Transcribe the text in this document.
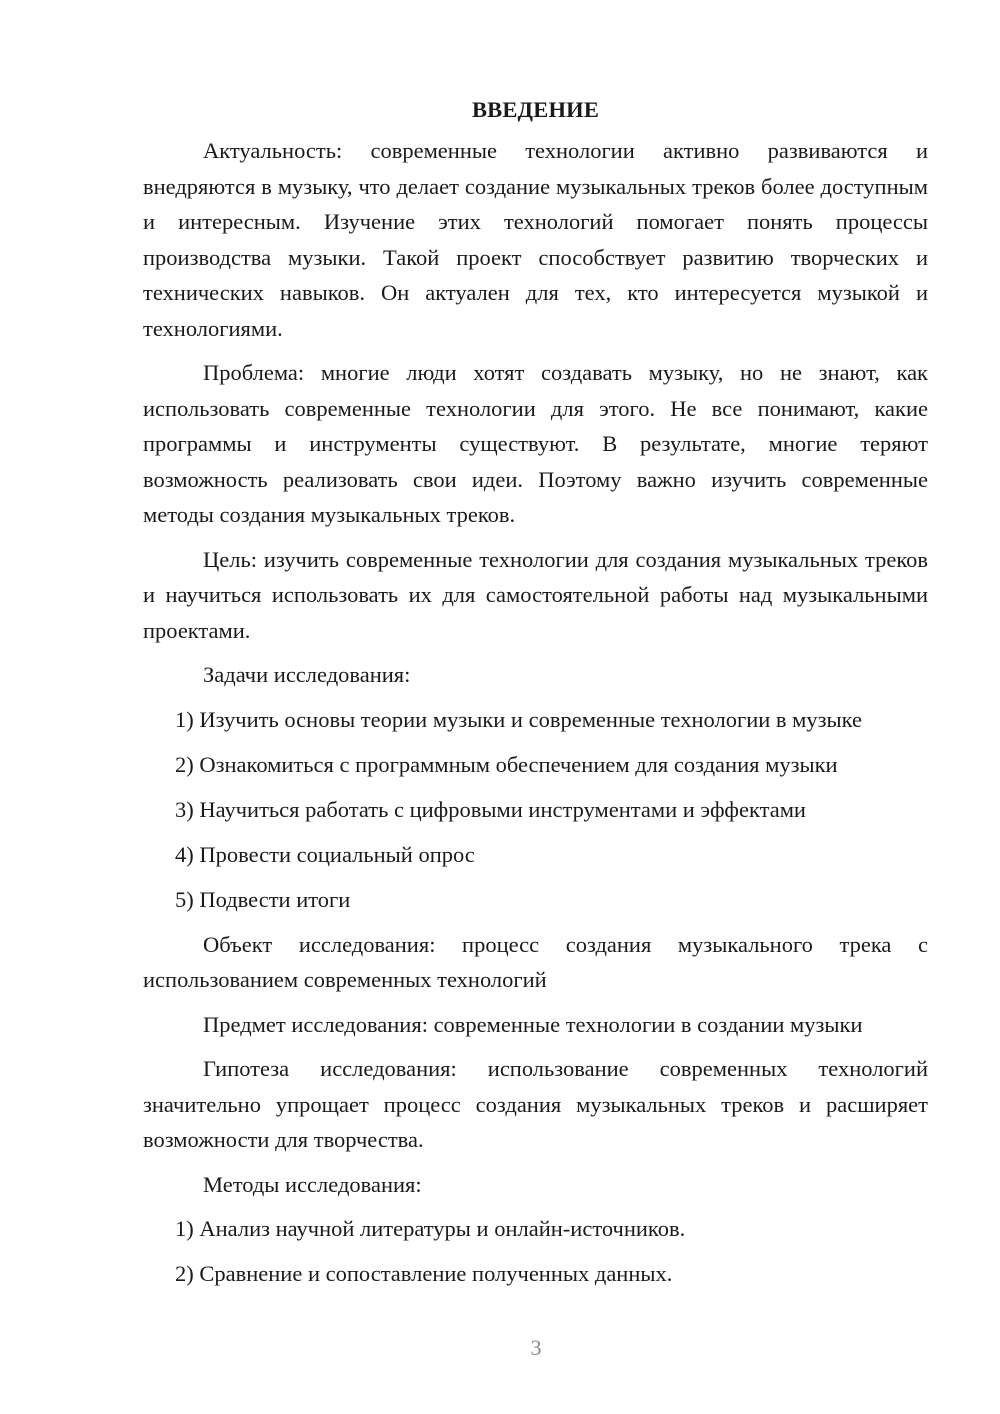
ВВЕДЕНИЕ

Актуальность: современные технологии активно развиваются и внедряются в музыку, что делает создание музыкальных треков более доступным и интересным. Изучение этих технологий помогает понять процессы производства музыки. Такой проект способствует развитию творческих и технических навыков. Он актуален для тех, кто интересуется музыкой и технологиями.

Проблема: многие люди хотят создавать музыку, но не знают, как использовать современные технологии для этого. Не все понимают, какие программы и инструменты существуют. В результате, многие теряют возможность реализовать свои идеи. Поэтому важно изучить современные методы создания музыкальных треков.

Цель: изучить современные технологии для создания музыкальных треков и научиться использовать их для самостоятельной работы над музыкальными проектами.

Задачи исследования:

1) Изучить основы теории музыки и современные технологии в музыке

2) Ознакомиться с программным обеспечением для создания музыки

3) Научиться работать с цифровыми инструментами и эффектами

4) Провести социальный опрос

5) Подвести итоги

Объект исследования: процесс создания музыкального трека с использованием современных технологий

Предмет исследования: современные технологии в создании музыки

Гипотеза исследования: использование современных технологий значительно упрощает процесс создания музыкальных треков и расширяет возможности для творчества.

Методы исследования:

1) Анализ научной литературы и онлайн-источников.

2) Сравнение и сопоставление полученных данных.

3
